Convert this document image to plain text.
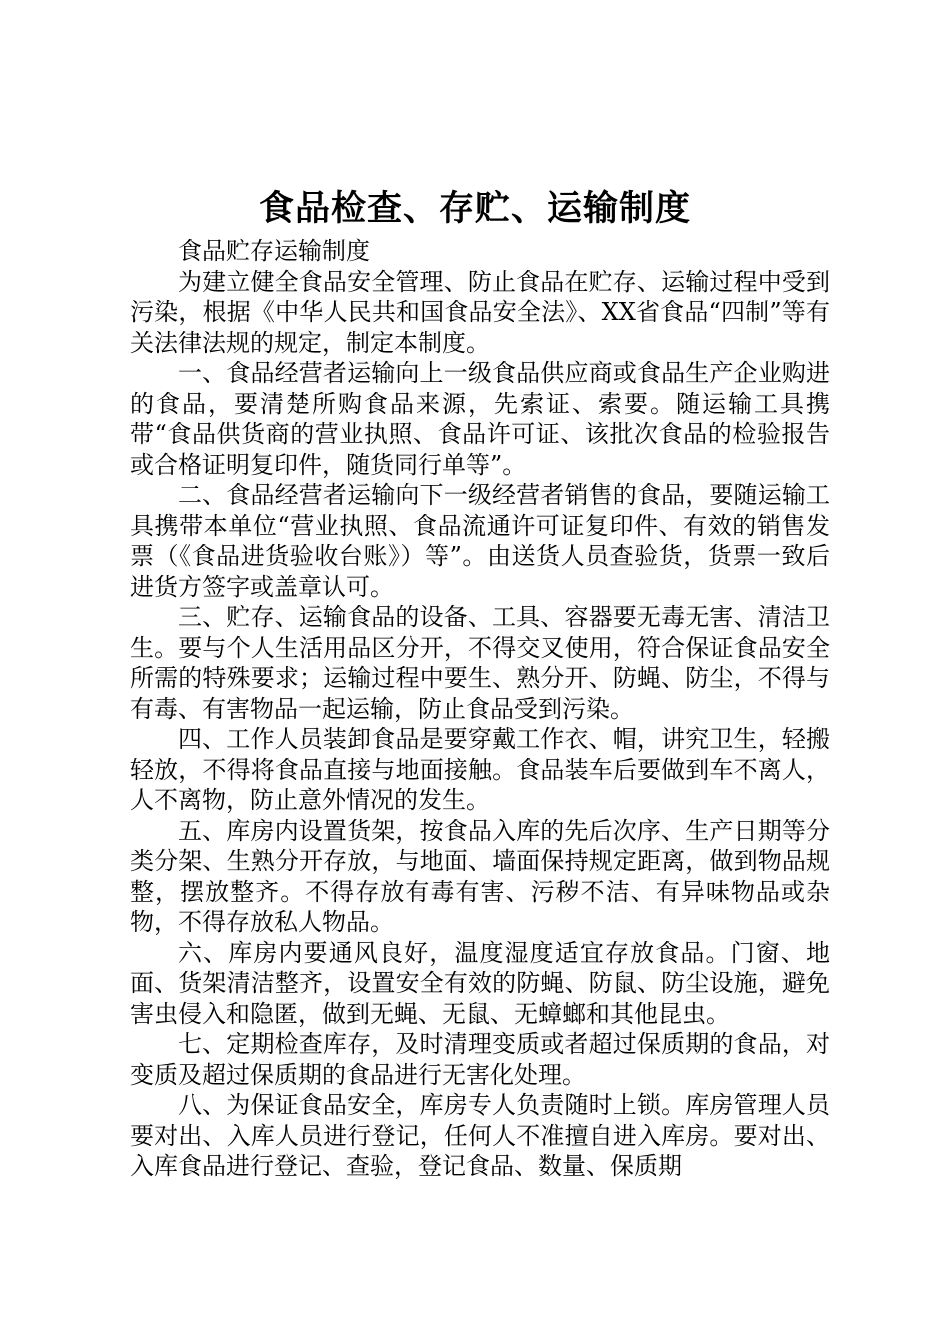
食品检查、存贮、运输制度

食品贮存运输制度

为建立健全食品安全管理、防止食品在贮存、运输过程中受到污染，根据《中华人民共和国食品安全法》、XX省食品“四制”等有关法律法规的规定，制定本制度。

一、食品经营者运输向上一级食品供应商或食品生产企业购进的食品，要清楚所购食品来源，先索证、索要。随运输工具携带“食品供货商的营业执照、食品许可证、该批次食品的检验报告或合格证明复印件，随货同行单等”。

二、食品经营者运输向下一级经营者销售的食品，要随运输工具携带本单位“营业执照、食品流通许可证复印件、有效的销售发票（《食品进货验收台账》）等”。由送货人员查验货，货票一致后进货方签字或盖章认可。

三、贮存、运输食品的设备、工具、容器要无毒无害、清洁卫生。要与个人生活用品区分开，不得交叉使用，符合保证食品安全所需的特殊要求；运输过程中要生、熟分开、防蝇、防尘，不得与有毒、有害物品一起运输，防止食品受到污染。

四、工作人员装卸食品是要穿戴工作衣、帽，讲究卫生，轻搬轻放，不得将食品直接与地面接触。食品装车后要做到车不离人，人不离物，防止意外情况的发生。

五、库房内设置货架，按食品入库的先后次序、生产日期等分类分架、生熟分开存放，与地面、墙面保持规定距离，做到物品规整，摆放整齐。不得存放有毒有害、污秽不洁、有异味物品或杂物，不得存放私人物品。

六、库房内要通风良好，温度湿度适宜存放食品。门窗、地面、货架清洁整齐，设置安全有效的防蝇、防鼠、防尘设施，避免害虫侵入和隐匿，做到无蝇、无鼠、无蟑螂和其他昆虫。

七、定期检查库存，及时清理变质或者超过保质期的食品，对变质及超过保质期的食品进行无害化处理。

八、为保证食品安全，库房专人负责随时上锁。库房管理人员要对出、入库人员进行登记，任何人不准擅自进入库房。要对出、入库食品进行登记、查验，登记食品、数量、保质期
